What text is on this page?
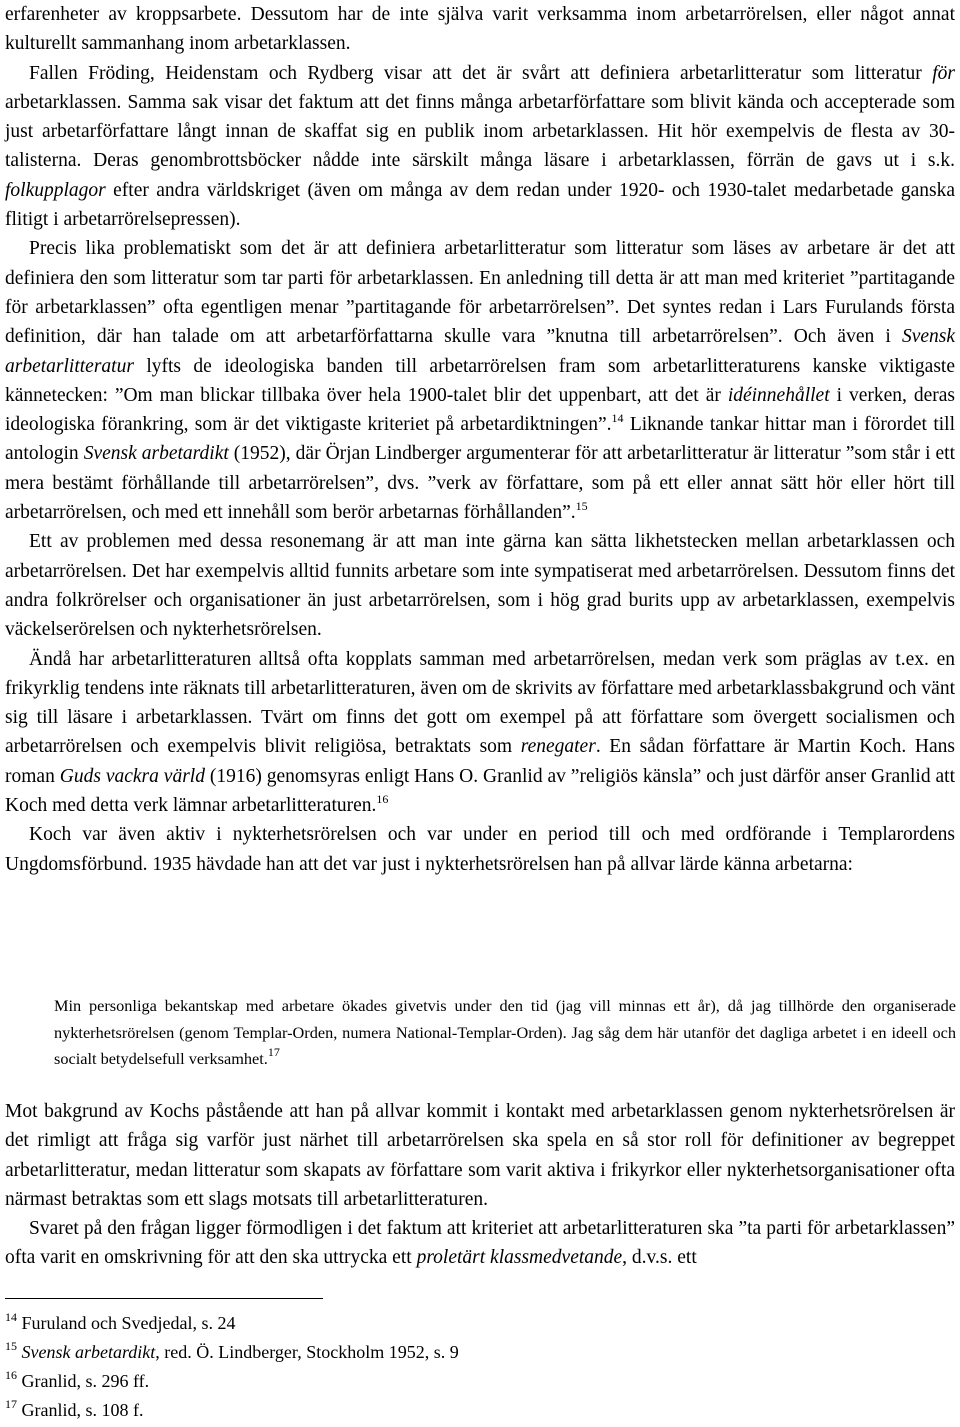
erfarenheter av kroppsarbete. Dessutom har de inte själva varit verksamma inom arbetarrörelsen, eller något annat kulturellt sammanhang inom arbetarklassen.

Fallen Fröding, Heidenstam och Rydberg visar att det är svårt att definiera arbetarlitteratur som litteratur för arbetarklassen. Samma sak visar det faktum att det finns många arbetarförfattare som blivit kända och accepterade som just arbetarförfattare långt innan de skaffat sig en publik inom arbetarklassen. Hit hör exempelvis de flesta av 30-talisterna. Deras genombrottsböcker nådde inte särskilt många läsare i arbetarklassen, förrän de gavs ut i s.k. folkupplagor efter andra världskriget (även om många av dem redan under 1920- och 1930-talet medarbetade ganska flitigt i arbetarrörelsepressen).

Precis lika problematiskt som det är att definiera arbetarlitteratur som litteratur som läses av arbetare är det att definiera den som litteratur som tar parti för arbetarklassen. En anledning till detta är att man med kriteriet ”partitagande för arbetarklassen” ofta egentligen menar ”partitagande för arbetarrörelsen”. Det syntes redan i Lars Furulands första definition, där han talade om att arbetarförfattarna skulle vara ”knutna till arbetarrörelsen”. Och även i Svensk arbetarlitteratur lyfts de ideologiska banden till arbetarrörelsen fram som arbetarlitteraturens kanske viktigaste kännetecken: ”Om man blickar tillbaka över hela 1900-talet blir det uppenbart, att det är idéinnehållet i verken, deras ideologiska förankring, som är det viktigaste kriteriet på arbetardiktningen”.$^{14}$ Liknande tankar hittar man i förordet till antologin Svensk arbetardikt (1952), där Örjan Lindberger argumenterar för att arbetarlitteratur är litteratur ”som står i ett mera bestämt förhållande till arbetarrörelsen”, dvs. ”verk av författare, som på ett eller annat sätt hör eller hört till arbetarrörelsen, och med ett innehåll som berör arbetarnas förhållanden”.$^{15}$

Ett av problemen med dessa resonemang är att man inte gärna kan sätta likhetstecken mellan arbetarklassen och arbetarrörelsen. Det har exempelvis alltid funnits arbetare som inte sympatiserat med arbetarrörelsen. Dessutom finns det andra folkrörelser och organisationer än just arbetarrörelsen, som i hög grad burits upp av arbetarklassen, exempelvis väckelserörelsen och nykterhetsrörelsen.

Ändå har arbetarlitteraturen alltså ofta kopplats samman med arbetarrörelsen, medan verk som präglas av t.ex. en frikyrklig tendens inte räknats till arbetarlitteraturen, även om de skrivits av författare med arbetarklassbakgrund och vänt sig till läsare i arbetarklassen. Tvärt om finns det gott om exempel på att författare som övergett socialismen och arbetarrörelsen och exempelvis blivit religiösa, betraktats som renegater. En sådan författare är Martin Koch. Hans roman Guds vackra värld (1916) genomsyras enligt Hans O. Granlid av ”religiös känsla” och just därför anser Granlid att Koch med detta verk lämnar arbetarlitteraturen.$^{16}$

Koch var även aktiv i nykterhetsrörelsen och var under en period till och med ordförande i Templarordens Ungdomsförbund. 1935 hävdade han att det var just i nykterhetsrörelsen han på allvar lärde känna arbetarna:

Min personliga bekantskap med arbetare ökades givetvis under den tid (jag vill minnas ett år), då jag tillhörde den organiserade nykterhetsrörelsen (genom Templar-Orden, numera National-Templar-Orden). Jag såg dem här utanför det dagliga arbetet i en ideell och socialt betydelsefull verksamhet.$^{17}$

Mot bakgrund av Kochs påstående att han på allvar kommit i kontakt med arbetarklassen genom nykterhetsrörelsen är det rimligt att fråga sig varför just närhet till arbetarrörelsen ska spela en så stor roll för definitioner av begreppet arbetarlitteratur, medan litteratur som skapats av författare som varit aktiva i frikyrkor eller nykterhetsorganisationer ofta närmast betraktas som ett slags motsats till arbetarlitteraturen.

Svaret på den frågan ligger förmodligen i det faktum att kriteriet att arbetarlitteraturen ska ”ta parti för arbetarklassen” ofta varit en omskrivning för att den ska uttrycka ett proletärt klassmedvetande, d.v.s. ett

$^{14}$ Furuland och Svedjedal, s. 24
$^{15}$ Svensk arbetardikt, red. Ö. Lindberger, Stockholm 1952, s. 9
$^{16}$ Granlid, s. 296 ff.
$^{17}$ Granlid, s. 108 f.
